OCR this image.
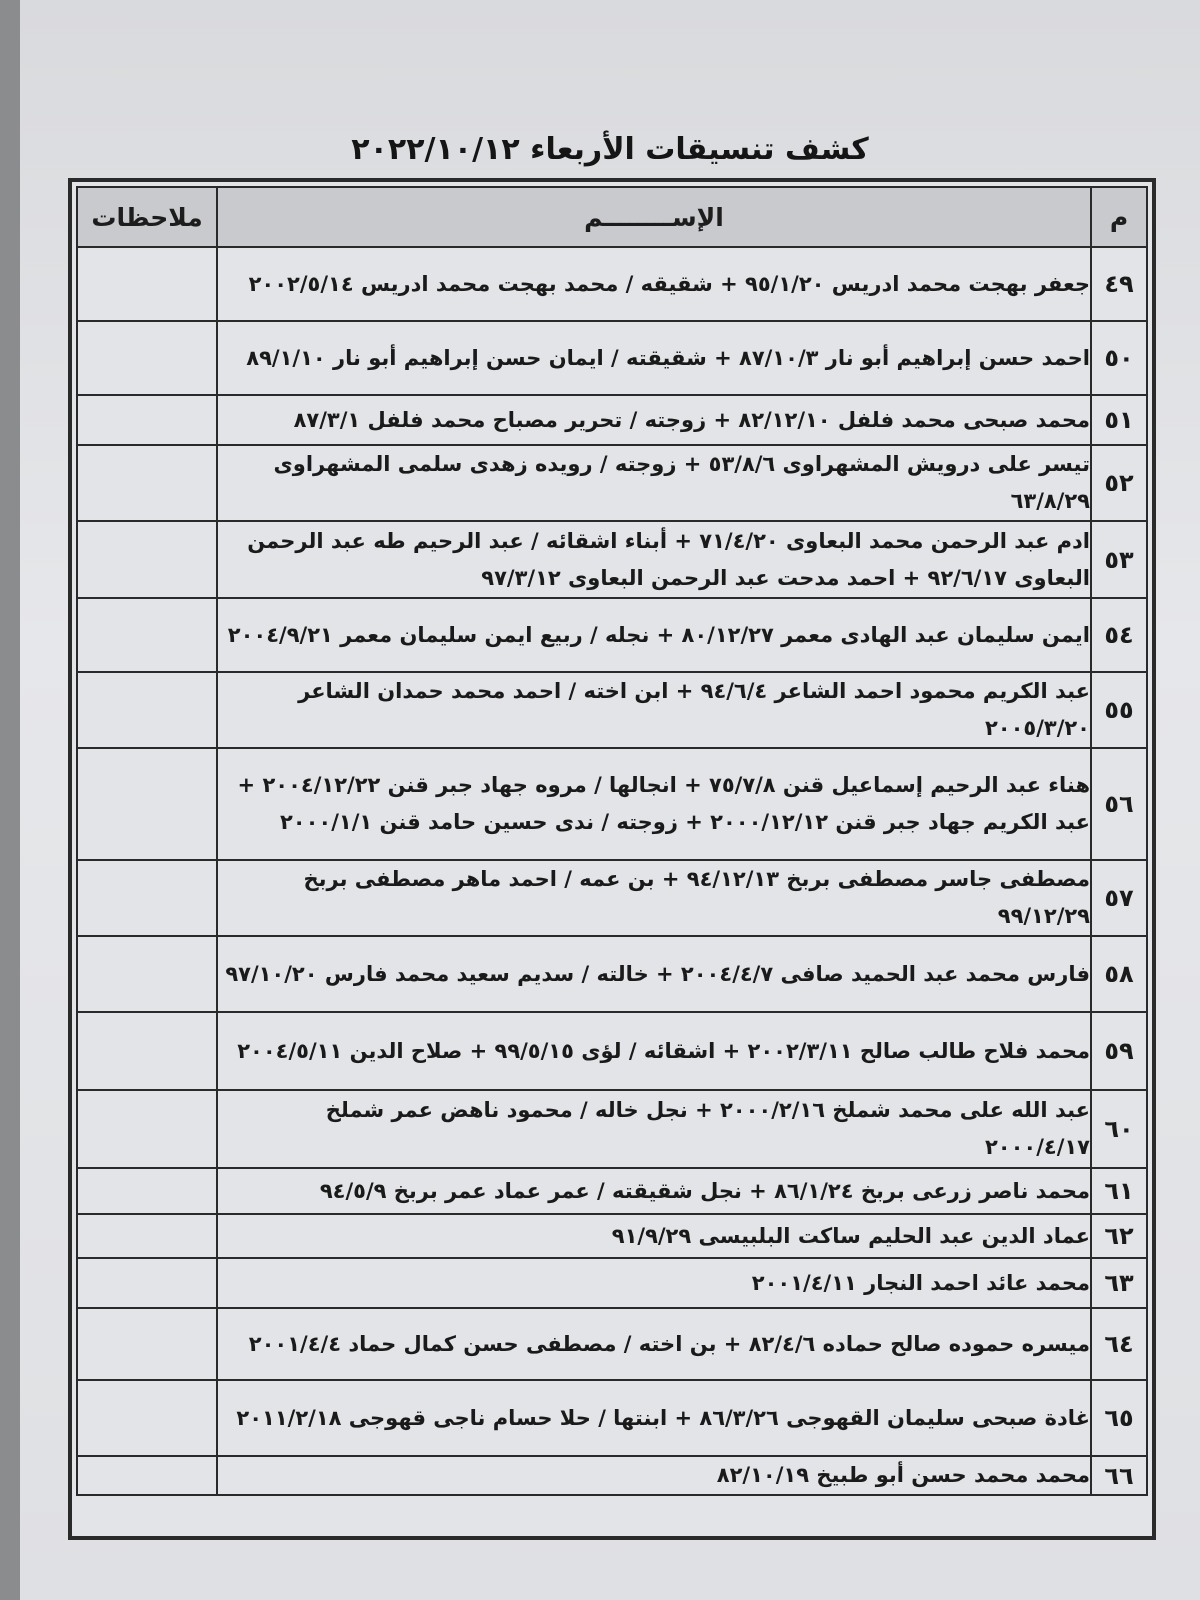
كشف تنسيقات الأربعاء ٢٠٢٢/١٠/١٢
م	الإســــــــم	ملاحظات
٤٩	جعفر بهجت محمد ادريس ٩٥/١/٢٠ + شقيقه / محمد بهجت محمد ادريس ٢٠٠٢/٥/١٤	
٥٠	احمد حسن إبراهيم أبو نار ٨٧/١٠/٣ + شقيقته / ايمان حسن إبراهيم أبو نار ٨٩/١/١٠	
٥١	محمد صبحى محمد فلفل ٨٢/١٢/١٠ + زوجته / تحرير مصباح محمد فلفل ٨٧/٣/١	
٥٢	تيسر على درويش المشهراوى ٥٣/٨/٦ + زوجته / رويده زهدى سلمى المشهراوى ٦٣/٨/٢٩	
٥٣	ادم عبد الرحمن محمد البعاوى ٧١/٤/٢٠ + أبناء اشقائه / عبد الرحيم طه عبد الرحمن البعاوى ٩٢/٦/١٧ + احمد مدحت عبد الرحمن البعاوى ٩٧/٣/١٢	
٥٤	ايمن سليمان عبد الهادى معمر ٨٠/١٢/٢٧ + نجله / ربيع ايمن سليمان معمر ٢٠٠٤/٩/٢١	
٥٥	عبد الكريم محمود احمد الشاعر ٩٤/٦/٤ + ابن اخته / احمد محمد حمدان الشاعر ٢٠٠٥/٣/٢٠	
٥٦	هناء عبد الرحيم إسماعيل قنن ٧٥/٧/٨ + انجالها / مروه جهاد جبر قنن ٢٠٠٤/١٢/٢٢ + عبد الكريم جهاد جبر قنن ٢٠٠٠/١٢/١٢ + زوجته / ندى حسين حامد قنن ٢٠٠٠/١/١	
٥٧	مصطفى جاسر مصطفى بربخ ٩٤/١٢/١٣ + بن عمه / احمد ماهر مصطفى بربخ ٩٩/١٢/٢٩	
٥٨	فارس محمد عبد الحميد صافى ٢٠٠٤/٤/٧ + خالته / سديم سعيد محمد فارس ٩٧/١٠/٢٠	
٥٩	محمد فلاح طالب صالح ٢٠٠٢/٣/١١ + اشقائه / لؤى ٩٩/٥/١٥ + صلاح الدين ٢٠٠٤/٥/١١	
٦٠	عبد الله على محمد شملخ ٢٠٠٠/٢/١٦ + نجل خاله / محمود ناهض عمر شملخ ٢٠٠٠/٤/١٧	
٦١	محمد ناصر زرعى بربخ ٨٦/١/٢٤ + نجل شقيقته / عمر عماد عمر بربخ ٩٤/٥/٩	
٦٢	عماد الدين عبد الحليم ساكت البلبيسى ٩١/٩/٢٩	
٦٣	محمد عائد احمد النجار ٢٠٠١/٤/١١	
٦٤	ميسره حموده صالح حماده ٨٢/٤/٦ + بن اخته / مصطفى حسن كمال حماد ٢٠٠١/٤/٤	
٦٥	غادة صبحى سليمان القهوجى ٨٦/٣/٢٦ + ابنتها / حلا حسام ناجى قهوجى ٢٠١١/٢/١٨	
٦٦	محمد محمد حسن أبو طبيخ ٨٢/١٠/١٩	
